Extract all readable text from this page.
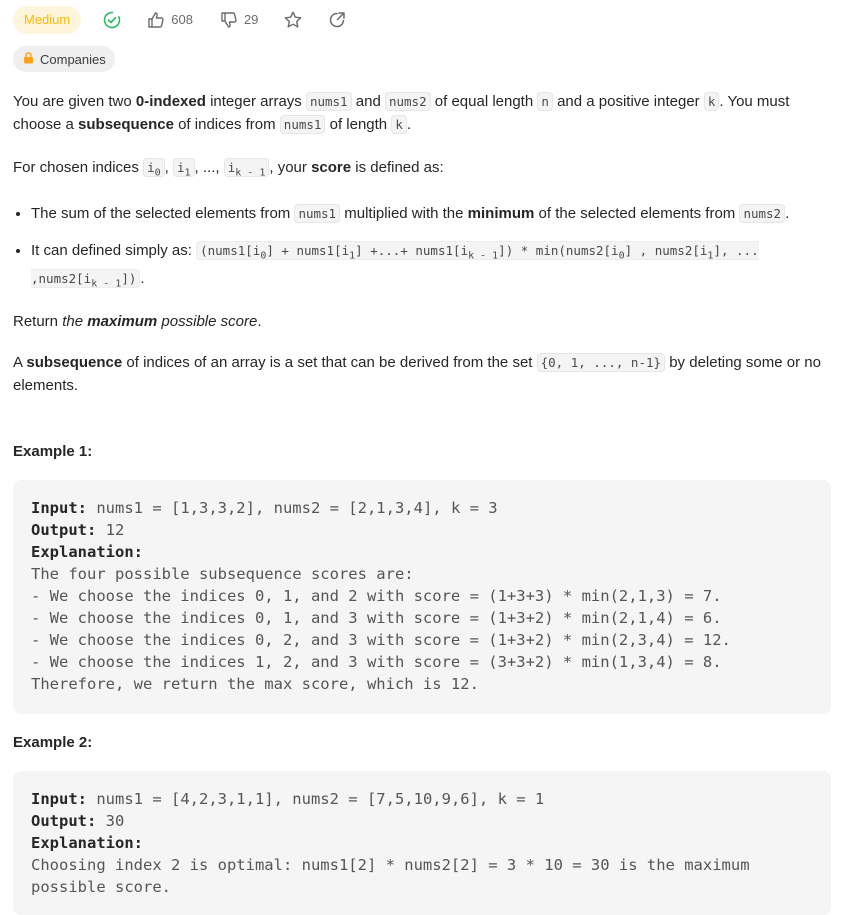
Medium	608	29
Companies

You are given two 0-indexed integer arrays nums1 and nums2 of equal length n and a positive integer k . You must choose a subsequence of indices from nums1 of length k .

For chosen indices $i_0$ , $i_1$ , ..., $i_{k - 1}$ , your score is defined as:

• The sum of the selected elements from nums1 multiplied with the minimum of the selected elements from nums2 .
• It can defined simply as: ($nums1[i_0]$ + $nums1[i_1]$ +...+ $nums1[i_{k - 1}]$) * $\min(nums2[i_0]$ , $nums2[i_1]$, ... $,nums2[i_{k - 1}]$) .

Return the maximum possible score.

A subsequence of indices of an array is a set that can be derived from the set {0, 1, ..., n-1} by deleting some or no elements.

Example 1:
Input: nums1 = [1,3,3,2], nums2 = [2,1,3,4], k = 3
Output: 12
Explanation:
The four possible subsequence scores are:
- We choose the indices 0, 1, and 2 with score = (1+3+3) * min(2,1,3) = 7.
- We choose the indices 0, 1, and 3 with score = (1+3+2) * min(2,1,4) = 6.
- We choose the indices 0, 2, and 3 with score = (1+3+2) * min(2,3,4) = 12.
- We choose the indices 1, 2, and 3 with score = (3+3+2) * min(1,3,4) = 8.
Therefore, we return the max score, which is 12.
Example 2:
Input: nums1 = [4,2,3,1,1], nums2 = [7,5,10,9,6], k = 1
Output: 30
Explanation:
Choosing index 2 is optimal: nums1[2] * nums2[2] = 3 * 10 = 30 is the maximum possible score.
